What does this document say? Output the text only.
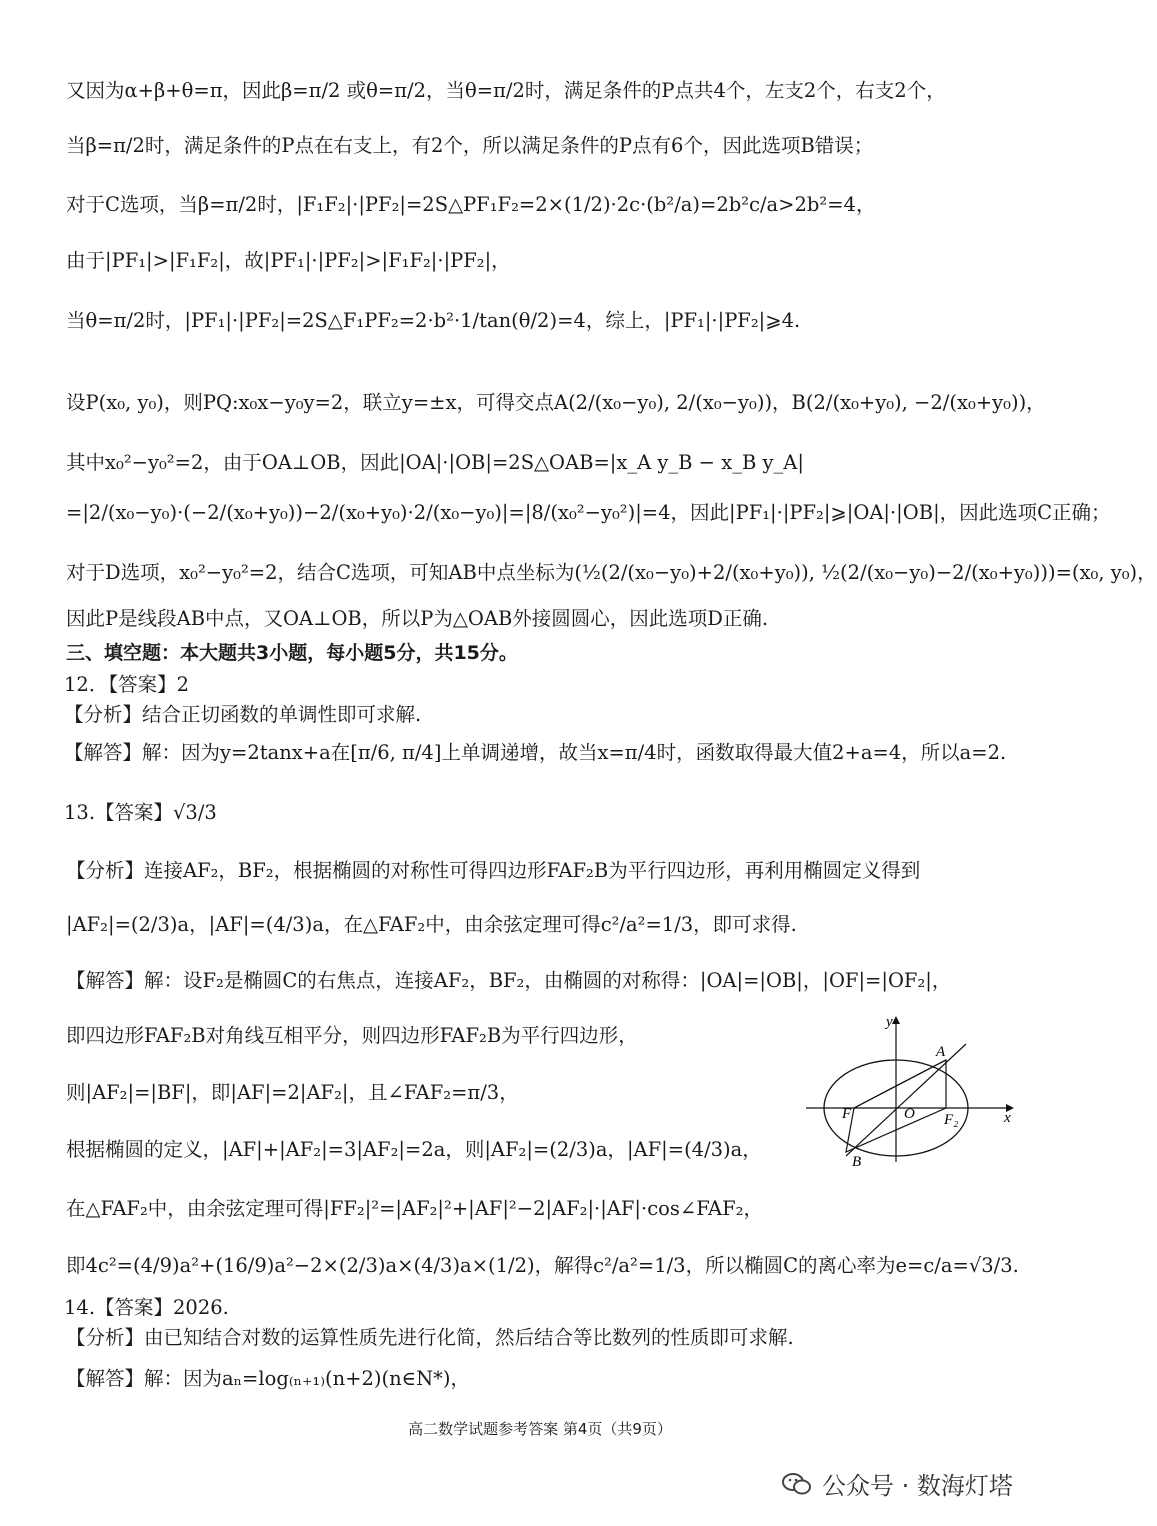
又因为α+β+θ=π，因此β=π/2 或θ=π/2，当θ=π/2时，满足条件的P点共4个，左支2个，右支2个，
当β=π/2时，满足条件的P点在右支上，有2个，所以满足条件的P点有6个，因此选项B错误；
对于C选项，当β=π/2时，|F₁F₂|·|PF₂|=2S△PF₁F₂=2×(1/2)·2c·(b²/a)=2b²c/a>2b²=4，
由于|PF₁|>|F₁F₂|，故|PF₁|·|PF₂|>|F₁F₂|·|PF₂|，
当θ=π/2时，|PF₁|·|PF₂|=2S△F₁PF₂=2·b²·1/tan(θ/2)=4，综上，|PF₁|·|PF₂|⩾4.
设P(x₀, y₀)，则PQ:x₀x−y₀y=2，联立y=±x，可得交点A(2/(x₀−y₀), 2/(x₀−y₀))，B(2/(x₀+y₀), −2/(x₀+y₀))，
其中x₀²−y₀²=2，由于OA⊥OB，因此|OA|·|OB|=2S△OAB=|x_A y_B − x_B y_A|
=|2/(x₀−y₀)·(−2/(x₀+y₀))−2/(x₀+y₀)·2/(x₀−y₀)|=|8/(x₀²−y₀²)|=4，因此|PF₁|·|PF₂|⩾|OA|·|OB|，因此选项C正确；
对于D选项，x₀²−y₀²=2，结合C选项，可知AB中点坐标为(½(2/(x₀−y₀)+2/(x₀+y₀)), ½(2/(x₀−y₀)−2/(x₀+y₀)))=(x₀, y₀)，
因此P是线段AB中点，又OA⊥OB，所以P为△OAB外接圆圆心，因此选项D正确.
三、填空题：本大题共3小题，每小题5分，共15分。
12．【答案】2
【分析】结合正切函数的单调性即可求解.
【解答】解：因为y=2tanx+a在[π/6, π/4]上单调递增，故当x=π/4时，函数取得最大值2+a=4，所以a=2.
13.【答案】√3/3
【分析】连接AF₂，BF₂，根据椭圆的对称性可得四边形FAF₂B为平行四边形，再利用椭圆定义得到
|AF₂|=(2/3)a，|AF|=(4/3)a，在△FAF₂中，由余弦定理可得c²/a²=1/3，即可求得.
【解答】解：设F₂是椭圆C的右焦点，连接AF₂，BF₂，由椭圆的对称得：|OA|=|OB|，|OF|=|OF₂|，
即四边形FAF₂B对角线互相平分，则四边形FAF₂B为平行四边形，
则|AF₂|=|BF|，即|AF|=2|AF₂|，且∠FAF₂=π/3，
根据椭圆的定义，|AF|+|AF₂|=3|AF₂|=2a，则|AF₂|=(2/3)a，|AF|=(4/3)a，
在△FAF₂中，由余弦定理可得|FF₂|²=|AF₂|²+|AF|²−2|AF₂|·|AF|·cos∠FAF₂，
即4c²=(4/9)a²+(16/9)a²−2×(2/3)a×(4/3)a×(1/2)，解得c²/a²=1/3，所以椭圆C的离心率为e=c/a=√3/3.
14.【答案】2026.
【分析】由已知结合对数的运算性质先进行化简，然后结合等比数列的性质即可求解.
【解答】解：因为aₙ=log₍ₙ₊₁₎(n+2)(n∈N*)，
y
x
A
B
F	O F₂
高二数学试题参考答案 第4页（共9页）
公众号 · 数海灯塔
